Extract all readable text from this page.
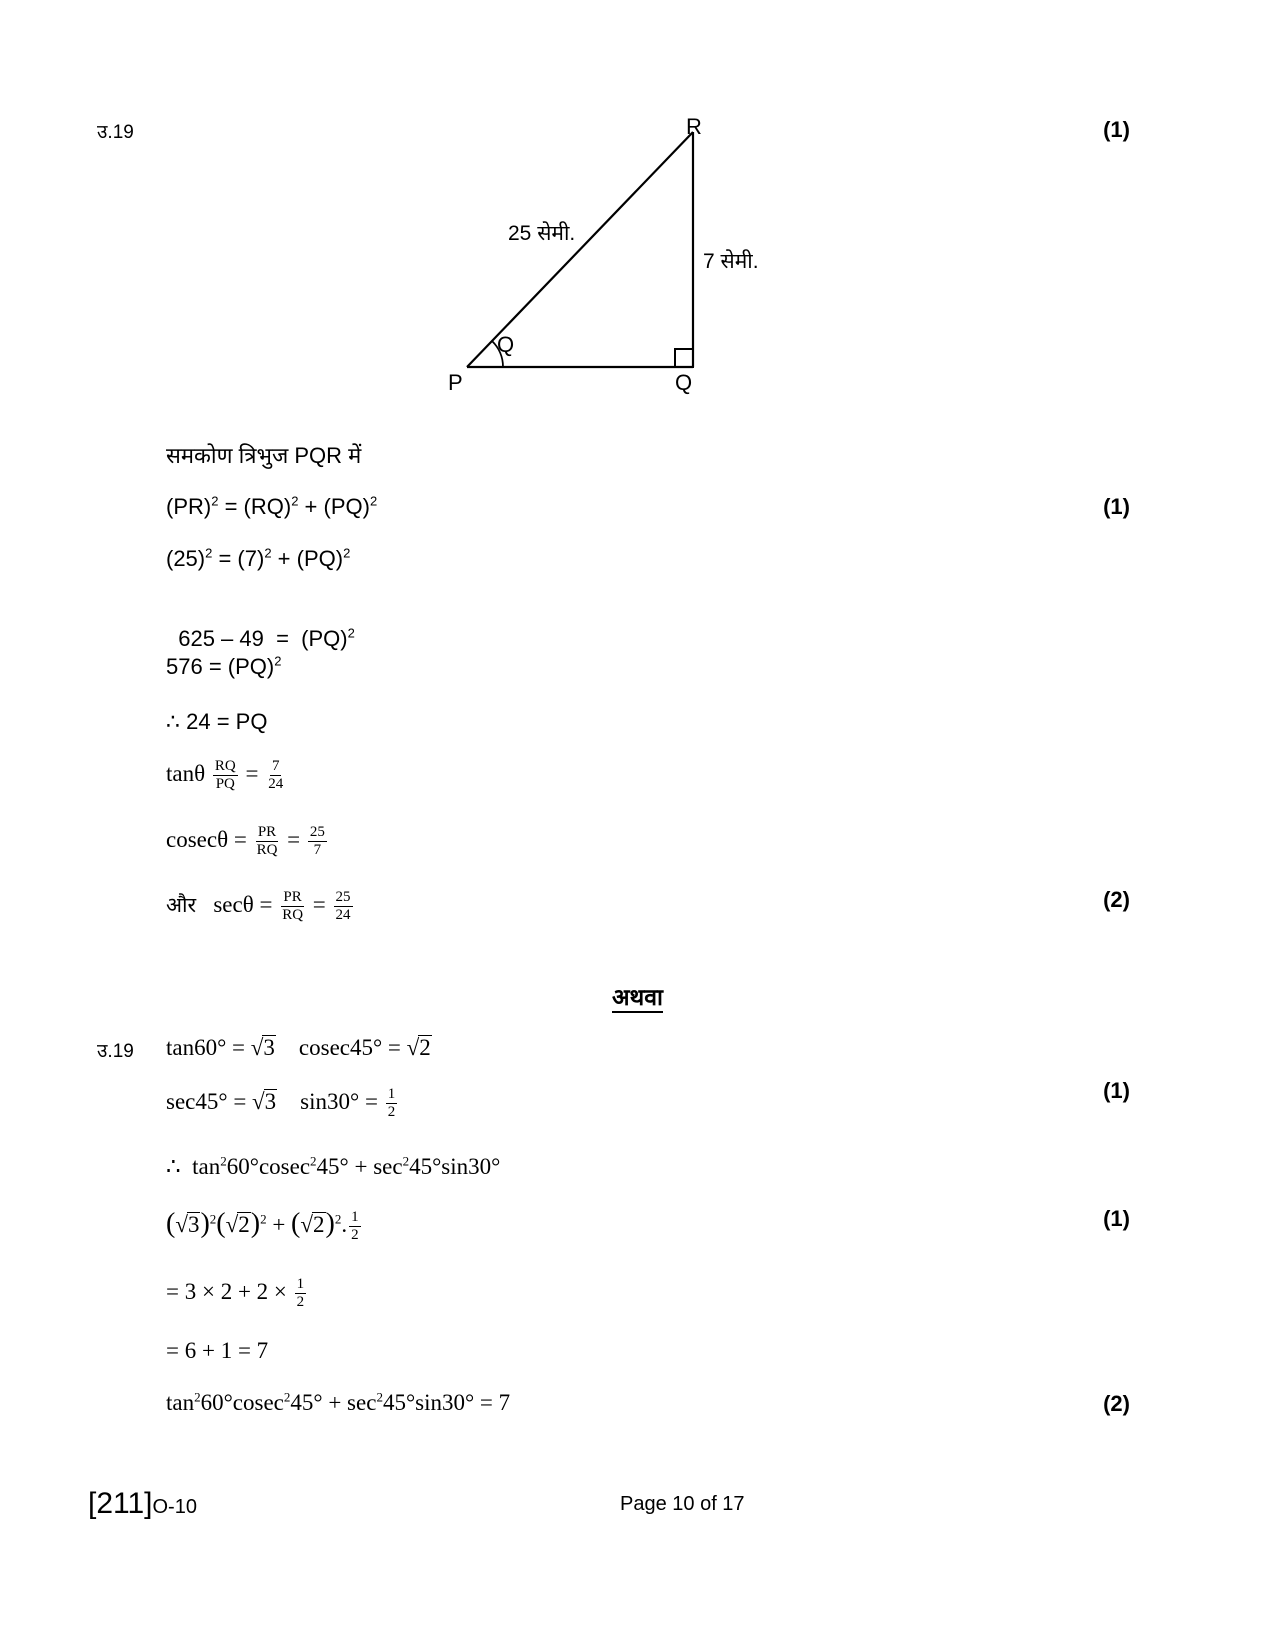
उ.19	(1)
R
P	Q
Q
25 सेमी.
7 सेमी.
समकोण त्रिभुज PQR में
(PR)$^2$ = (RQ)$^2$ + (PQ)$^2$	(1)
$(25)^2 = (7)^2 + (PQ)^2$

625 – 49  =  (PQ)$^2$

576 = (PQ)$^2$
∴ 24 = PQ
tanθ $\frac{RQ}{PQ} = \frac{7}{24}$
$cosec\theta = \frac{PR}{RQ} = \frac{25}{7}$
और $\sec\theta = \frac{PR}{RQ} = \frac{25}{24}$	(2)
अथवा
उ.19 tan60° = √3 cosec45° = √2
sec45° = √3 $\sin 30^\circ = \frac{1}{2}$	(1)
∴ $\tan^260^\circ cosec^245^\circ + \sec^245^\circ\sin 30^\circ$
$(√3)^2(√2)^2 + (√2)^2$. $\frac{1}{2}$	(1)
= $3 \times 2 + 2 \times \frac{1}{2}$
= 6 + 1 = 7
$\tan^260^\circ cosec^245^\circ + \sec^245^\circ\sin 30^\circ = 7$	(2)
[211]O-10	Page 10 of 17
